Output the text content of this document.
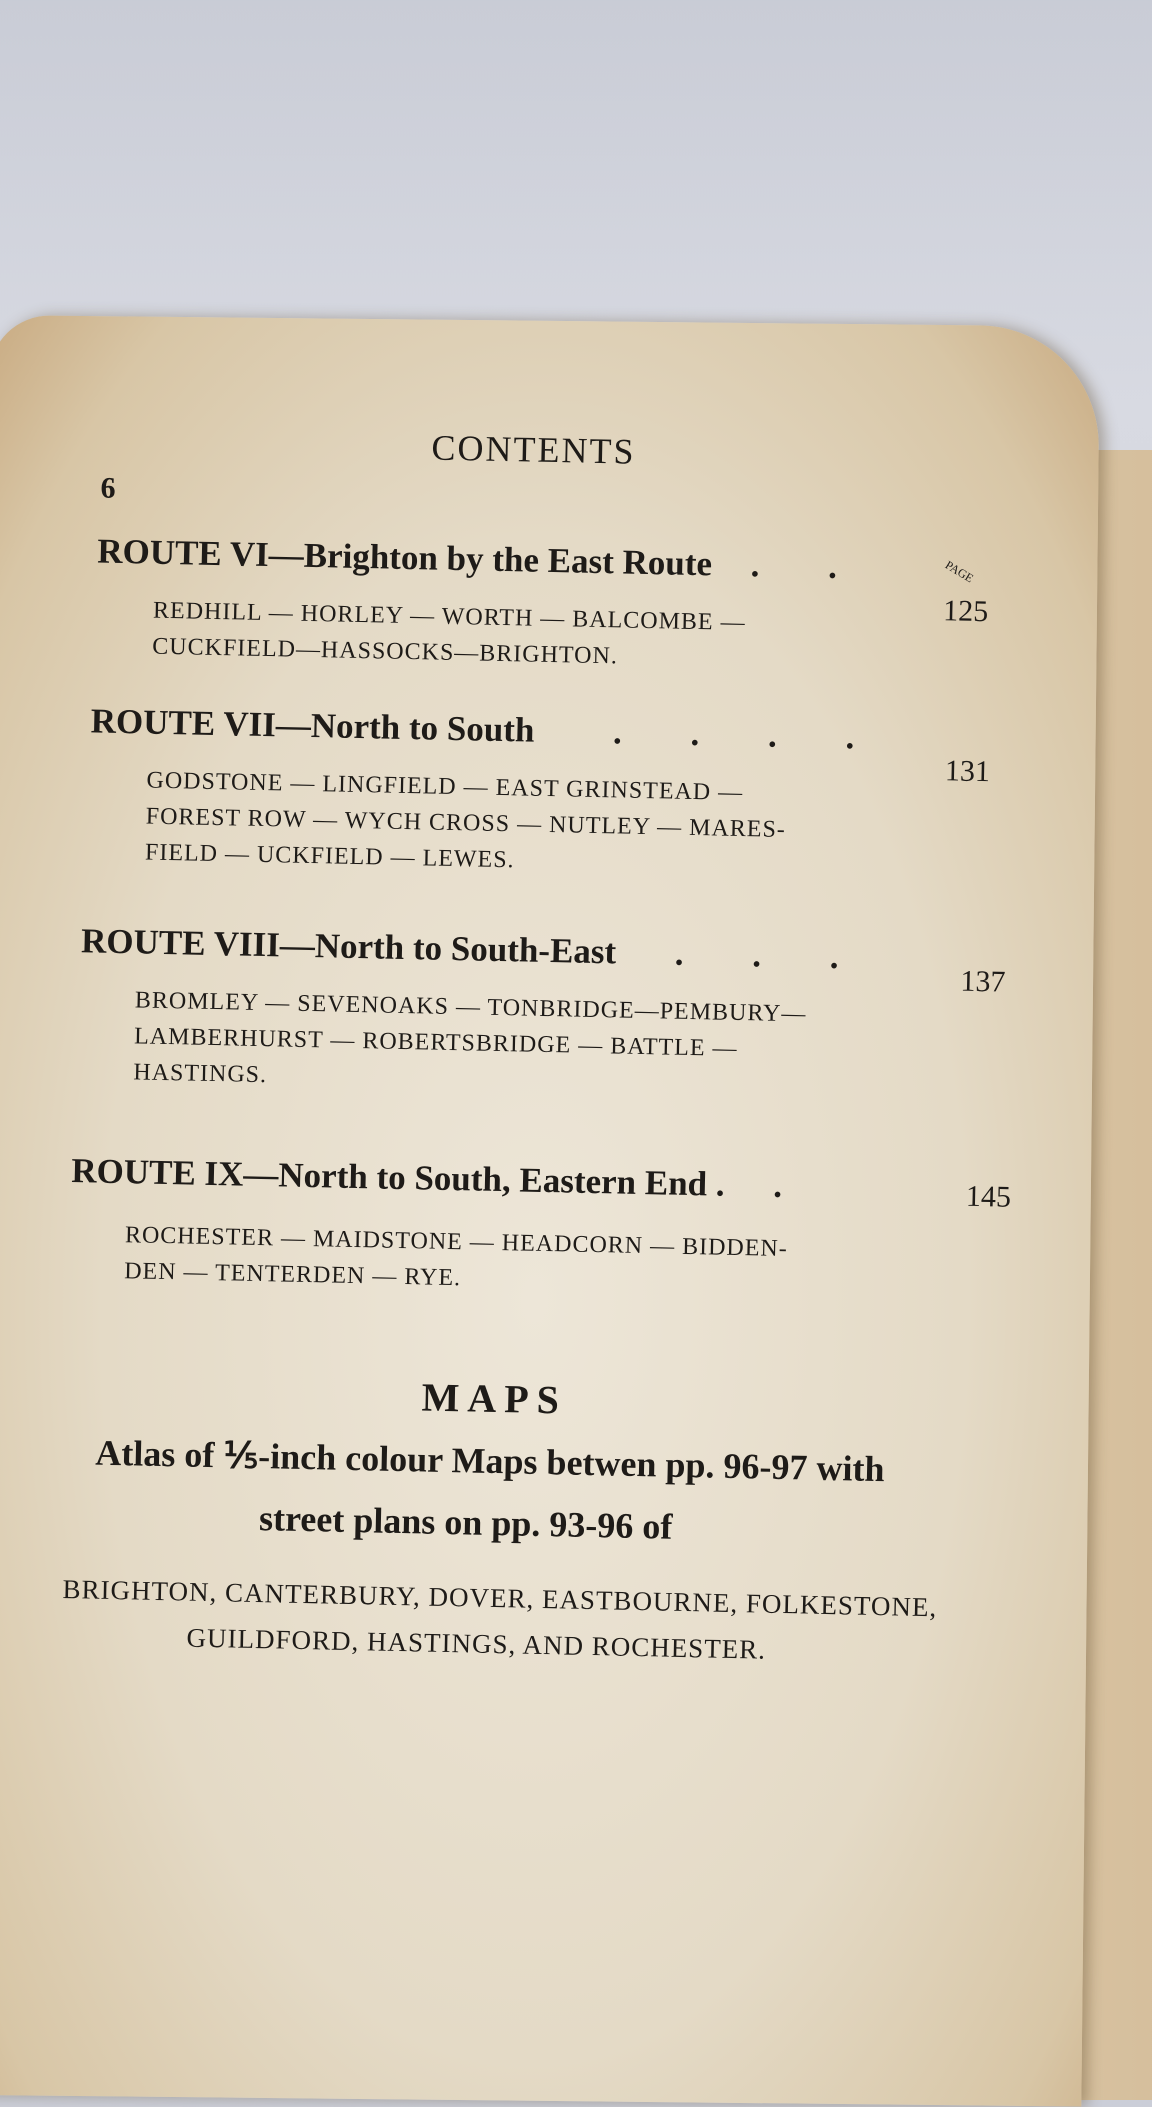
CONTENTS
6
PAGE
ROUTE VI—Brighton by the East Route . .
125
REDHILL — HORLEY — WORTH — BALCOMBE —
CUCKFIELD—HASSOCKS—BRIGHTON.
ROUTE VII—North to South . . . .
131
GODSTONE — LINGFIELD — EAST GRINSTEAD —
FOREST ROW — WYCH CROSS — NUTLEY — MARES-
FIELD — UCKFIELD — LEWES.
ROUTE VIII—North to South-East . . .
137
BROMLEY — SEVENOAKS — TONBRIDGE—PEMBURY—
LAMBERHURST — ROBERTSBRIDGE — BATTLE —
HASTINGS.
ROUTE IX—North to South, Eastern End . .	145
ROCHESTER — MAIDSTONE — HEADCORN — BIDDEN-
DEN — TENTERDEN — RYE.
MAPS
Atlas of ⅕-inch colour Maps betwen pp. 96-97 with
street plans on pp. 93-96 of
BRIGHTON, CANTERBURY, DOVER, EASTBOURNE, FOLKESTONE,
GUILDFORD, HASTINGS, AND ROCHESTER.
